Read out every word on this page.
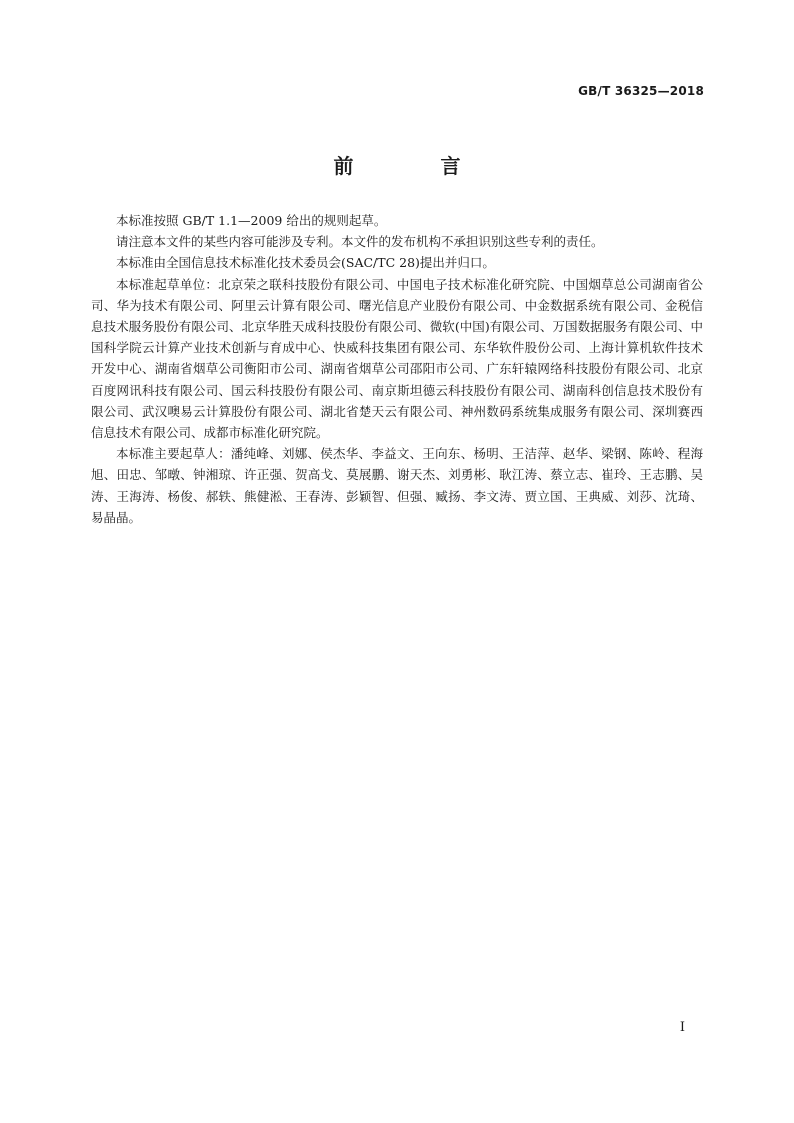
GB/T 36325—2018
前 言

本标准按照 GB/T 1.1—2009 给出的规则起草。

请注意本文件的某些内容可能涉及专利。本文件的发布机构不承担识别这些专利的责任。

本标准由全国信息技术标准化技术委员会(SAC/TC 28)提出并归口。

本标准起草单位：北京荣之联科技股份有限公司、中国电子技术标准化研究院、中国烟草总公司湖南省公司、华为技术有限公司、阿里云计算有限公司、曙光信息产业股份有限公司、中金数据系统有限公司、金税信息技术服务股份有限公司、北京华胜天成科技股份有限公司、微软(中国)有限公司、万国数据服务有限公司、中国科学院云计算产业技术创新与育成中心、快威科技集团有限公司、东华软件股份公司、上海计算机软件技术开发中心、湖南省烟草公司衡阳市公司、湖南省烟草公司邵阳市公司、广东轩辕网络科技股份有限公司、北京百度网讯科技有限公司、国云科技股份有限公司、南京斯坦德云科技股份有限公司、湖南科创信息技术股份有限公司、武汉噢易云计算股份有限公司、湖北省楚天云有限公司、神州数码系统集成服务有限公司、深圳赛西信息技术有限公司、成都市标准化研究院。

本标准主要起草人：潘纯峰、刘娜、侯杰华、李益文、王向东、杨明、王洁萍、赵华、梁钢、陈岭、程海旭、田忠、邹暾、钟湘琼、许正强、贺高戈、莫展鹏、谢天杰、刘勇彬、耿江涛、蔡立志、崔玲、王志鹏、吴涛、王海涛、杨俊、郝轶、熊健淞、王春涛、彭颖智、但强、臧扬、李文涛、贾立国、王典威、刘莎、沈琦、易晶晶。

I
